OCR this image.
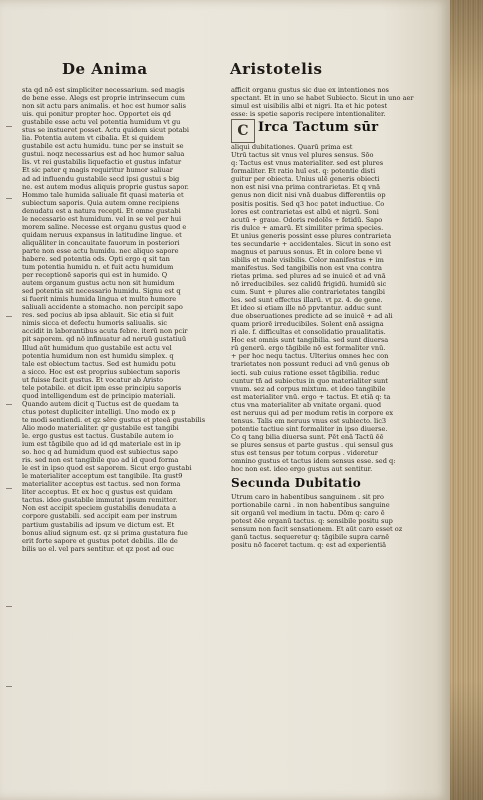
De Anima	Aristotelis
sta qd nõ est simpliciter necessarium. sed magis
de bene esse. Alegs est proprie intrinsecum cum
non sit actu pars animalis. et hoc est humor salis
uis. qui ponitur propter hoc. Opportet eis qd
gustabile esse actu vel potentia humidum vt gu
stus se instueret posset. Actu quidem sicut potabi
lia. Potentia autem vt cibalia. Et si quidem
gustabile est actu humidu. tunc per se instuit se
gustui. noqz necessarius est ad hoc humor salua
lis. vt rei gustabilis liquefactio et gustus infatur
Et sic pater q magis requiritur humor saliuar
ad ad influendu gustabile secd ipsi gustui s big
ne. est autem modus aliquis proprie gustus sapor.
Hommo tale humida saliuale fit quasi materia et
subiectum saporis. Quia autem omne recipiens
denudatu est a natura recepti. Et omne gustabi
le necessario est humidum. vel in se vel per hui
morem saline. Necesse est organu gustus quod e
quidam neruus expansus in latitudine lingue. et
aliquāliter in concauitate fauorum in posteriori
parte non esse actu humidu. nec aliquo sapore
habere. sed potentia ods. Opti ergo q sit tan
tum potentia humidu n. et fuit actu humidum
per receptionē saporis qui est in humido. Q
autem organum gustus actu non sit humidum
sed potentia sit necessario humidu. Signu est q
si fuerit nimis humida lingua et multo humore
saliuali accidente a stomacho. non percipit sapo
res. sed pocius ab ipsa ablauit. Sic etia si fuit
nimis sicca et defectu humoris saliualis. sic
accidit in laborantibus acuta febre. iterū non pcir
pit saporem. qd nō infinuatur ad neruū gustatiuū
Illud aūt humidum quo gustabile est actu vel
potentia humidum non est humidu simplex. q
tale est obiectum tactus. Sed est humidu potu
a sicco. Hoc est est proprius subiectum saporis
ut fuisse facit gustus. Et vocatur ab Aristo
tele potabile. et dicit ipm esse principiu saporis
quod intelligendum est de principio materiali.
Quando autem dicit q Tuctus est de quedam ta
ctus potest dupliciter intelligi. Uno modo ex p
te modi sentiendi. et qz sēre gustus et pteeā gustabilis
Alio modo materialiter. qr gustabile est tangibi
le. ergo gustus est tactus. Gustabile autem io
ium est tāgibile quo ad id qd materiale est in ip
so. hoc q ad humidum quod est subiectus sapo
ris. sed non est tangibile quo ad id quod forma
le est in ipso quod est saporem. Sicut ergo gustabi
le materialiter acceptum est tangibile. Ita gust9
materialiter acceptus est tactus. sed non forma
liter acceptus. Et ex hoc q gustus est quidam
tactus. ideo gustabile immutat ipsum remitter.
Non est accipit speciem gustabilis denudata a
corpore gustabili. sed accipit eam per instrum
partium gustabilis ad ipsum ve dictum est. Et
bonus aliud signum est. qz si prima gustatura fue
erit forte sapore et gustus potet debilis. ille de
bilis uo el. vel pars sentitur. et qz post ad ouc
afficit organu gustus sic due ex intentiones nos
spectant. Et in uno se habet Subiecto. Sicut in uno aer
simul est uisibilis albi et nigri. Ita et hic potest
esse: is spetie saporis recipere intentionaliter.
C Irca Tactum sūr
aliqui dubitationes. Quarū prima est
Utrū tactus sit vnus vel plures sensus. Sōo
q: Tactus est vnus materialiter. sed est plures
formaliter. Et ratio huī est. q: potentie disti
guitur per obiecta. Unius ulē generis obiecti
non est nisi vna prima contrarietas. Et q vnā
genus non dicit nisi vnā duabus differentiis op
positis positis. Sed q3 hoc patet inductiue. Co
lores est contrarietas est albū et nigrū. Soni
acutū + graue. Odoris redolēs + fetidū. Sapo
ris dulce + amarū. Et similiter prima species.
Et unius generis possint esse plures contrarieta
tes secundarie + accidentales. Sicut in sono est
magnus et paruus sonus. Et in colore bene vi
sibilis et male visibilis. Color manifestus + im
manifestus. Sed tangibilis non est vna contra
rietas prima. sed plures ad se inuicē et ad vnā
nō irreducibiles. sez calidū frigidū. humidū sic
cum. Sunt + plures alie contrarietates tangibi
les. sed sunt effectus illarū. vt pz. 4. de gene.
Et ideo si etiam ille nō ppvtantur. adduc sunt
due obseruationes predicte ad se inuicē + ad ali
quam priorē irreducibiles. Solent enā assigna
ri ale. f. difficultas et consolidatio praualitatis.
Hoc est omnis sunt tangibilia. sed sunt diuersa
rū generū. ergo tāgibile nō est formaliter vnū.
+ per hoc nequ tactus. Ulterius omnes hec con
trarietates non possunt reduci ad vnū genus ob
iecti. sub cuius ratione esset tāgibilia. reduc
cuntur tñ ad subiectus in quo materialiter sunt
vnum. sez ad corpus mixtum. et ideo tangibile
est materialiter vnū. ergo + tactus. Et etiā q: ta
ctus vna materialiter ab vnitate organi. quod
est neruus qui ad per modum retis in corpore ex
tensus. Talis em neruus vnus est subiecto. lic3
potentie tactiue sint formaliter in ipso diuerse.
Co q tang bilia diuersa sunt. Pēt enā Tactū ēē
se plures sensus et parte gustus . qui sensul gus
stus est tensus per totum corpus . videretur
omnino gustus et tactus idem sensus esse. sed q:
hoc non est. ideo ergo gustus aut sentitur.
Secunda Dubitatio
Utrum caro in habentibus sanguinem . sit pro
portionabile carni . in non habentibus sanguine
sit organū vel medium in tactu. Dōm q: caro ē
potest ēēe organū tactus. q: sensibile positu sup
sensum non facit sensationem. Et aūt caro esset oz
ganū tactus. sequeretur q: tāgibile supra carnē
positu nō faceret tactum. q: est ad experientiā
